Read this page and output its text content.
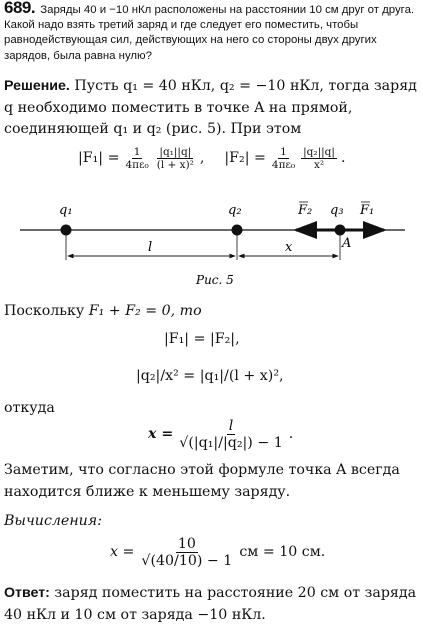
689. Заряды 40 и −10 нКл расположены на расстоянии 10 см друг от друга. Какой надо взять третий заряд и где следует его поместить, чтобы равнодействующая сил, действующих на него со стороны двух других зарядов, была равна нулю?
Решение. Пусть q₁ = 40 нКл, q₂ = −10 нКл, тогда заряд q необходимо поместить в точке A на прямой, соединяющей q₁ и q₂ (рис. 5). При этом
$|F_1| = \frac{1}{\text{4πε₀}} \frac{\text{|q₁||q|}}{\text{(l + x)²}}$ , $|F_2| = \frac{1}{\text{4πε₀}} \frac{\text{|q₂||q|}}{\text{x²}}$ .
q₁	q₂	q₃
F₂	F₁
A
l	x
Рис. 5
Поскольку F₁ + F₂ = 0, то
|F₁| = |F₂|,
|q₂|/x² = |q₁|/(l + x)²,
откуда
$x = \frac{l}{\text{√(|q₁|/|q₂|) − 1}}$ .
Заметим, что согласно этой формуле точка A всегда находится ближе к меньшему заряду.
Вычисления:
$x = \frac{10}{√(40/10) - 1}$ см = 10 см.
Ответ: заряд поместить на расстояние 20 см от заряда 40 нКл и 10 см от заряда −10 нКл.
